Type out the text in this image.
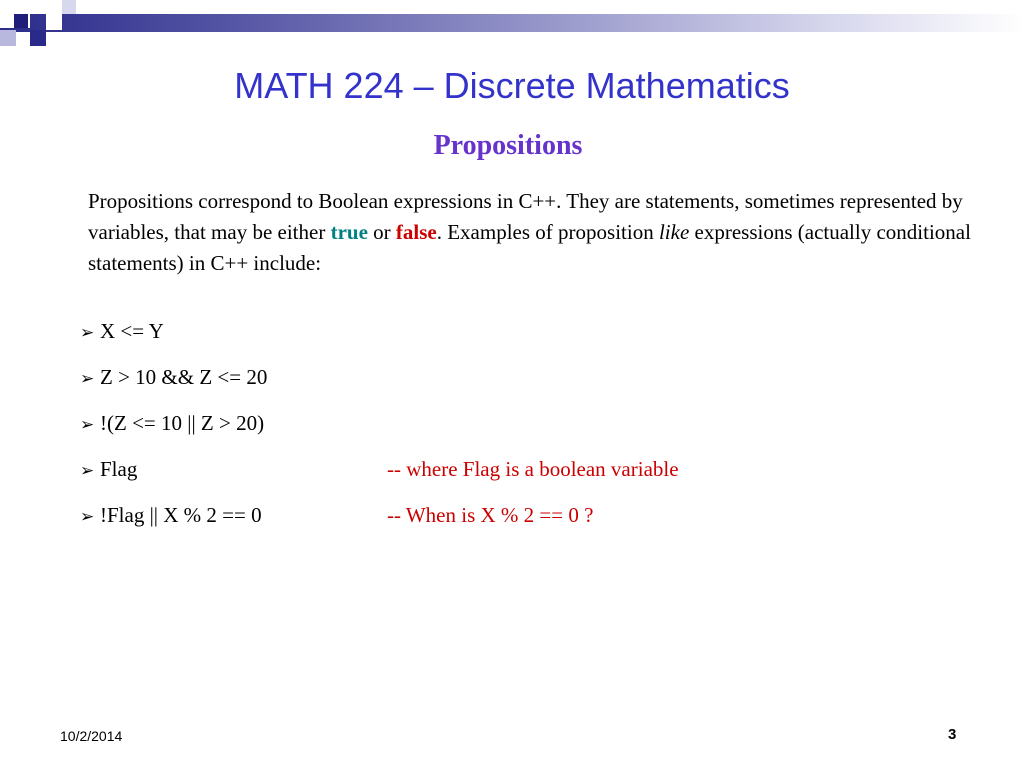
MATH 224 – Discrete Mathematics
Propositions

Propositions correspond to Boolean expressions in C++. They are statements, sometimes represented by variables, that may be either true or false. Examples of proposition like expressions (actually conditional statements) in C++ include:

➢ X <= Y
➢ Z > 10 && Z <= 20
➢ !(Z <= 10 || Z > 20)
➢ Flag	-- where Flag is a boolean variable
➢ !Flag || X % 2 == 0	-- When is X % 2 == 0 ?
10/2/2014	3
